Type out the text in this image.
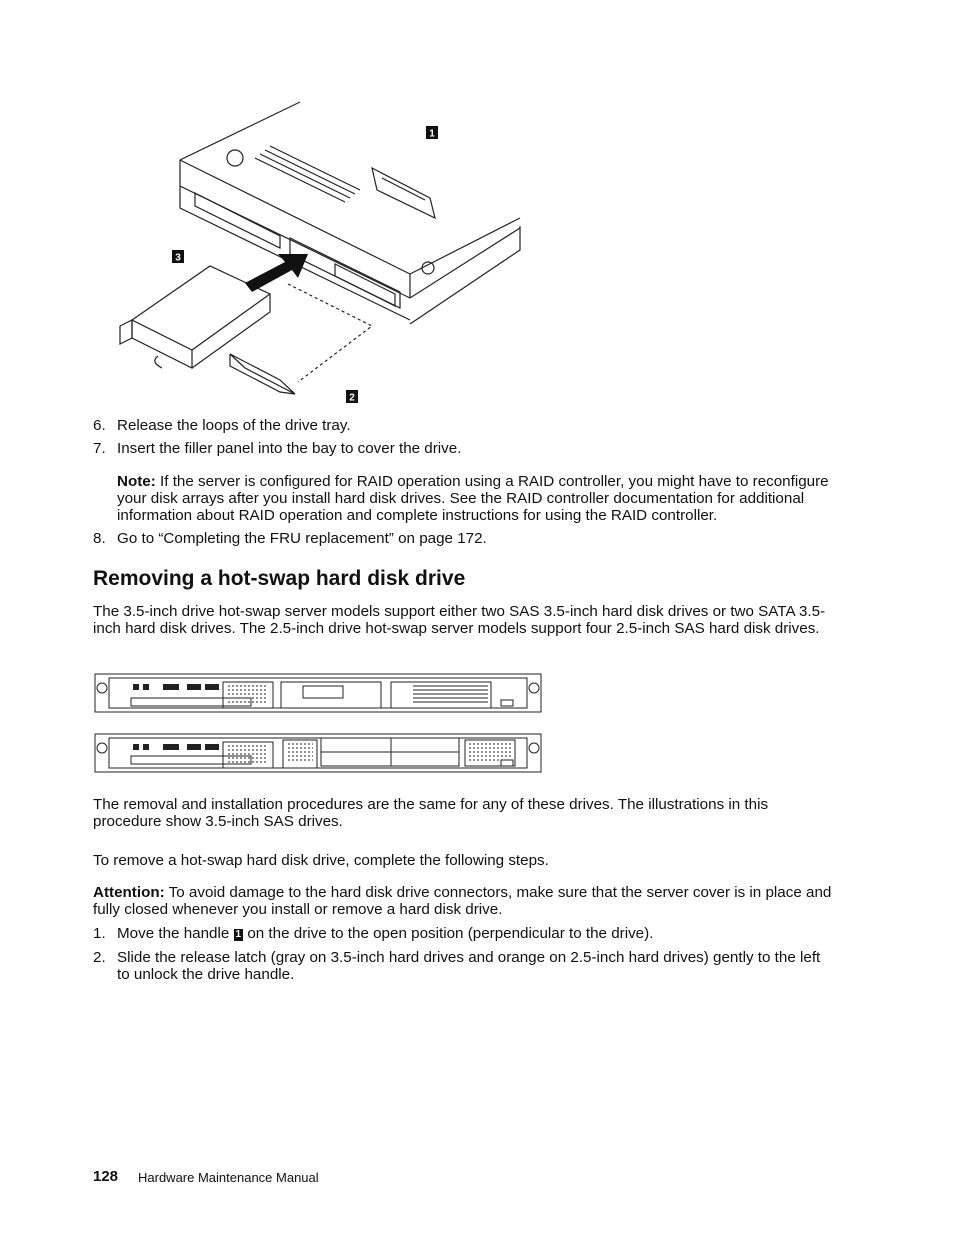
1
3
2
6. Release the loops of the drive tray.
7. Insert the filler panel into the bay to cover the drive.
Note: If the server is configured for RAID operation using a RAID controller, you might have to reconfigure your disk arrays after you install hard disk drives. See the RAID controller documentation for additional information about RAID operation and complete instructions for using the RAID controller.
8. Go to “Completing the FRU replacement” on page 172.
Removing a hot-swap hard disk drive
The 3.5-inch drive hot-swap server models support either two SAS 3.5-inch hard disk drives or two SATA 3.5-inch hard disk drives. The 2.5-inch drive hot-swap server models support four 2.5-inch SAS hard disk drives.
The removal and installation procedures are the same for any of these drives. The illustrations in this procedure show 3.5-inch SAS drives.
To remove a hot-swap hard disk drive, complete the following steps.
Attention: To avoid damage to the hard disk drive connectors, make sure that the server cover is in place and fully closed whenever you install or remove a hard disk drive.
1. Move the handle 1 on the drive to the open position (perpendicular to the drive).
2. Slide the release latch (gray on 3.5-inch hard drives and orange on 2.5-inch hard drives) gently to the left to unlock the drive handle.
128 Hardware Maintenance Manual
